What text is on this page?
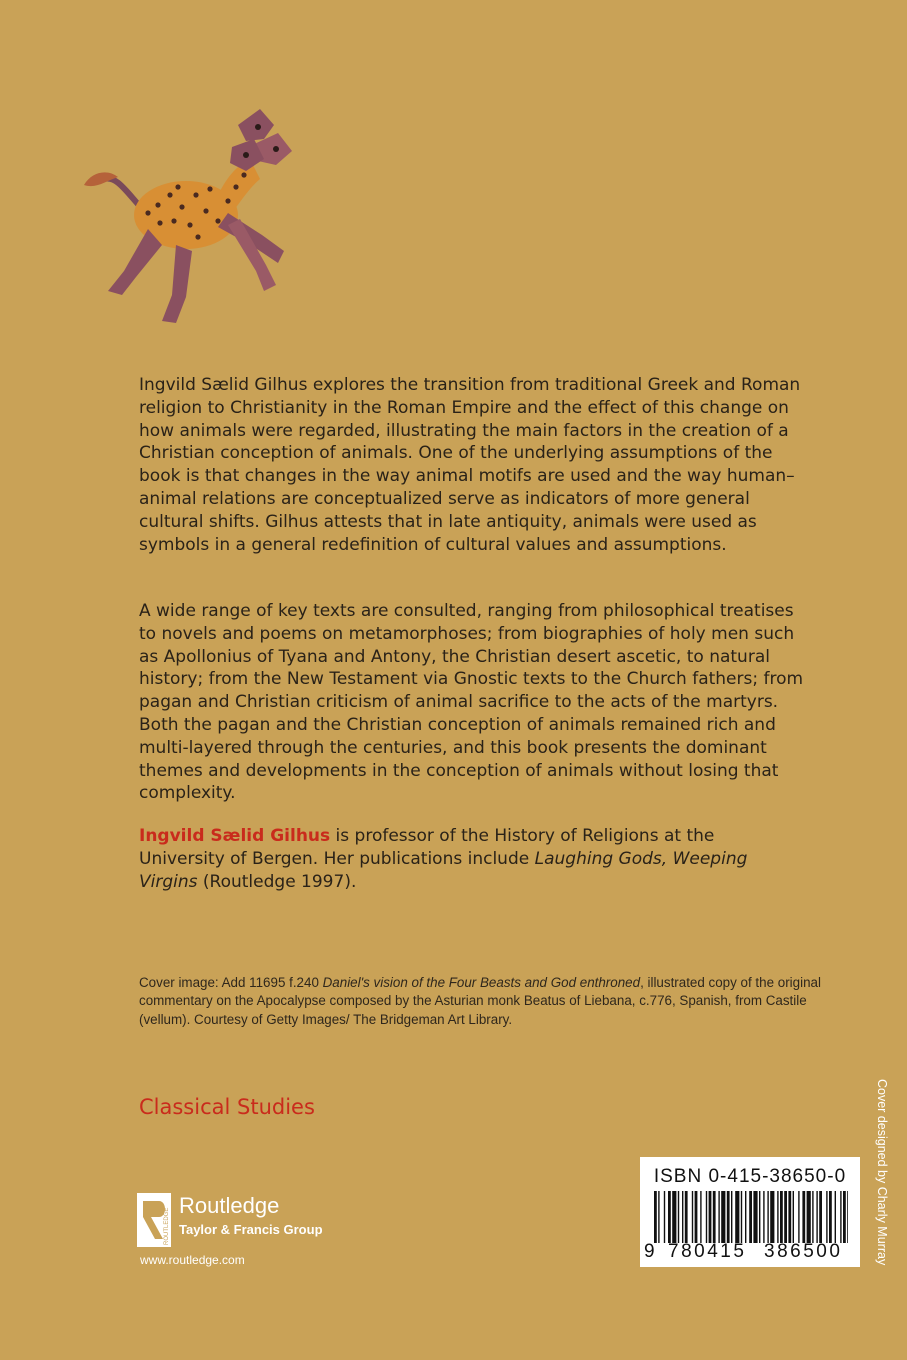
Ingvild Sælid Gilhus explores the transition from traditional Greek and Roman religion to Christianity in the Roman Empire and the effect of this change on how animals were regarded, illustrating the main factors in the creation of a Christian conception of animals. One of the underlying assumptions of the book is that changes in the way animal motifs are used and the way human–animal relations are conceptualized serve as indicators of more general cultural shifts. Gilhus attests that in late antiquity, animals were used as symbols in a general redefinition of cultural values and assumptions.

A wide range of key texts are consulted, ranging from philosophical treatises to novels and poems on metamorphoses; from biographies of holy men such as Apollonius of Tyana and Antony, the Christian desert ascetic, to natural history; from the New Testament via Gnostic texts to the Church fathers; from pagan and Christian criticism of animal sacrifice to the acts of the martyrs. Both the pagan and the Christian conception of animals remained rich and multi-layered through the centuries, and this book presents the dominant themes and developments in the conception of animals without losing that complexity.

Ingvild Sælid Gilhus is professor of the History of Religions at the University of Bergen. Her publications include Laughing Gods, Weeping Virgins (Routledge 1997).

Cover image: Add 11695 f.240 Daniel's vision of the Four Beasts and God enthroned, illustrated copy of the original commentary on the Apocalypse composed by the Asturian monk Beatus of Liebana, c.776, Spanish, from Castile (vellum). Courtesy of Getty Images/ The Bridgeman Art Library.

Classical Studies

ROUTLEDGE
Routledge
Taylor & Francis Group
www.routledge.com
ISBN 0-415-38650-0
9 780415 386500	Cover designed by Charly Murray
